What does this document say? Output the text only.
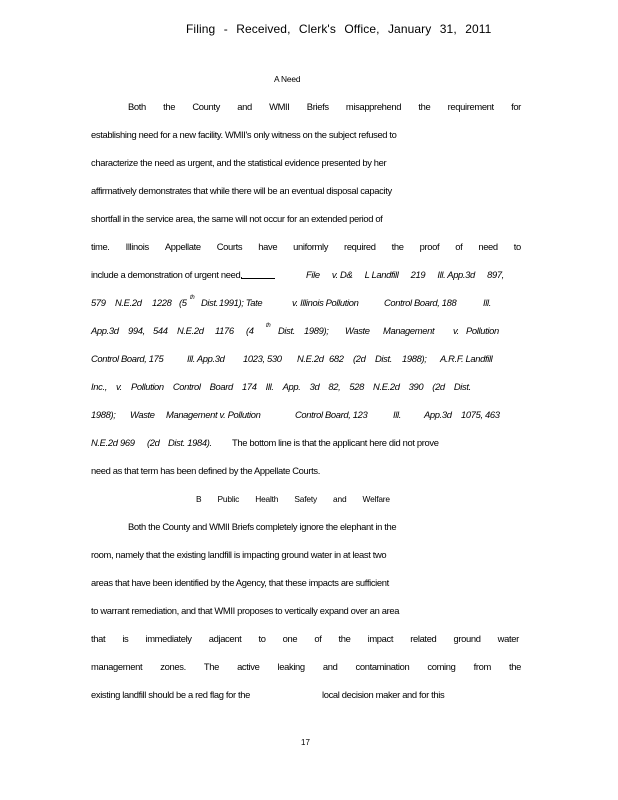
Filing - Received, Clerk's Office, January 31, 2011
A Need
Both the County and WMII Briefs misapprehend the requirement for
establishing need for a new facility. WMII's only witness on the subject refused to
characterize the need as urgent, and the statistical evidence presented by her
affirmatively demonstrates that while there will be an eventual disposal capacity
shortfall in the service area, the same will not occur for an extended period of
time. Illinois Appellate Courts have uniformly required the proof of need to
include a demonstration of urgent need.	File v. D& L Landfill 219 Ill. App.3d 897,
579 N.E.2d 1228 (5 th Dist. 1991); Tate	v. Illinois Pollution	Control Board, 188	Ill.
App.3d 994, 544 N.E.2d 1176 (4 th Dist. 1989); Waste Management v. Pollution
Control Board, 175	Ill. App.3d 1023, 530 N.E.2d 682 (2d Dist. 1988); A.R.F. Landfill
Inc., v. Pollution Control Board 174 Ill. App. 3d 82, 528 N.E.2d 390 (2d Dist.
1988); Waste Management v. Pollution	Control Board, 123	Ill. App.3d 1075, 463
N.E.2d 969 (2d Dist. 1984). The bottom line is that the applicant here did not prove
need as that term has been defined by the Appellate Courts.
B Public Health Safety and Welfare
Both the County and WMII Briefs completely ignore the elephant in the
room, namely that the existing landfill is impacting ground water in at least two
areas that have been identified by the Agency, that these impacts are sufficient
to warrant remediation, and that WMII proposes to vertically expand over an area
that is immediately adjacent to one of the impact related ground water
management zones. The active leaking and contamination coming from the
existing landfill should be a red flag for the	local decision maker and for this
17
